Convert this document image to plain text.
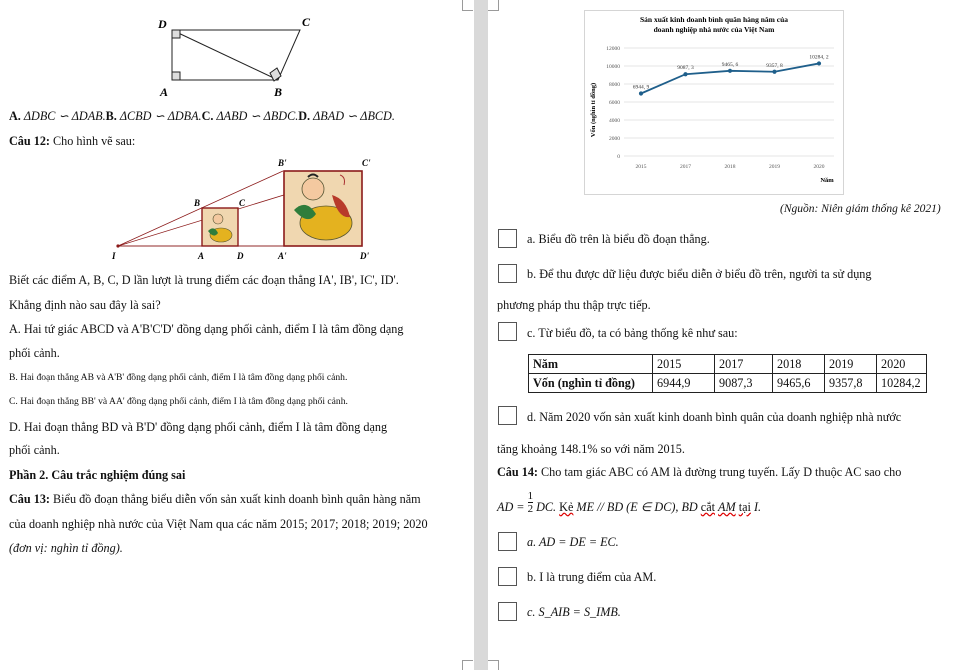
D	C
A	B
A. ΔDBC ∽ ΔDAB.B. ΔCBD ∽ ΔDBA.C. ΔABD ∽ ΔBDC.D. ΔBAD ∽ ΔBCD.
Câu 12: Cho hình vẽ sau:
B'	C'
B	C
I	A	D	A'	D'
Biết các điểm A, B, C, D lần lượt là trung điểm các đoạn thẳng IA', IB', IC', ID'.
Khẳng định nào sau đây là sai?
A. Hai tứ giác ABCD và A'B'C'D' đồng dạng phối cảnh, điểm I là tâm đồng dạng
phối cảnh.
B. Hai đoạn thẳng AB và A'B' đồng dạng phối cảnh, điểm I là tâm đồng dạng phối cảnh.
C. Hai đoạn thẳng BB' và AA' đồng dạng phối cảnh, điểm I là tâm đồng dạng phối cảnh.
D. Hai đoạn thẳng BD và B'D' đồng dạng phối cảnh, điểm I là tâm đồng dạng
phối cảnh.
Phần 2. Câu trắc nghiệm đúng sai
Câu 13: Biểu đồ đoạn thẳng biểu diễn vốn sản xuất kinh doanh bình quân hàng năm
của doanh nghiệp nhà nước của Việt Nam qua các năm 2015; 2017; 2018; 2019; 2020
(đơn vị: nghìn tỉ đồng).
Sản xuất kinh doanh bình quân hàng năm của
doanh nghiệp nhà nước của Việt Nam
Vốn (nghìn tỉ đồng)
Năm
0
2000
4000
6000
8000
10000
12000
2015	2017	2018	2019	2020
6944, 9
9087, 3
9465, 6	9357, 8
10284, 2
(Nguồn: Niên giám thống kê 2021)
a. Biểu đồ trên là biểu đồ đoạn thẳng.
b. Để thu được dữ liệu được biểu diễn ở biểu đồ trên, người ta sử dụng
phương pháp thu thập trực tiếp.
c. Từ biểu đồ, ta có bảng thống kê như sau:
d. Năm 2020 vốn sản xuất kinh doanh bình quân của doanh nghiệp nhà nước
tăng khoảng 148.1% so với năm 2015.
Câu 14: Cho tam giác ABC có AM là đường trung tuyến. Lấy D thuộc AC sao cho
AD = $\frac{1}{2}$ DC. Kẻ ME // BD (E ∈ DC), BD cắt AM tại I.
a. AD = DE = EC.
b. I là trung điểm của AM.
c. S_AIB = S_IMB.
Năm	2015	2017	2018	2019	2020
Vốn (nghìn tỉ đồng)	6944,9	9087,3	9465,6	9357,8	10284,2
